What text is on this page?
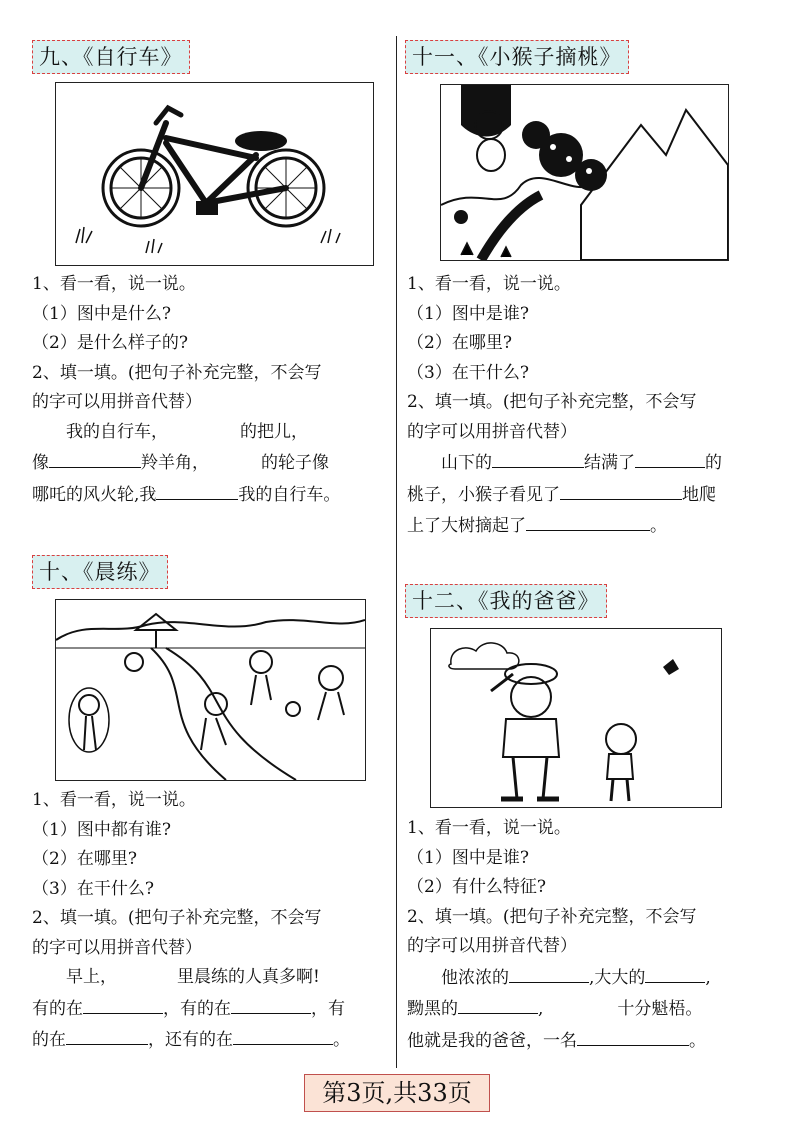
九、《自行车》

1、看一看，说一说。

（1）图中是什么?

（2）是什么样子的?

2、填一填。(把句子补充完整，不会写

的字可以用拼音代替）

我的自行车，	的把儿，

像	羚羊角，	的轮子像

哪吒的风火轮,我	我的自行车。

十一、《小猴子摘桃》

1、看一看，说一说。

（1）图中是谁?

（2）在哪里?

（3）在干什么?

2、填一填。(把句子补充完整，不会写

的字可以用拼音代替）

山下的	结满了	的

桃子，小猴子看见了	地爬

上了大树摘起了	。

十、《晨练》

1、看一看，说一说。

（1）图中都有谁?

（2）在哪里?

（3）在干什么?

2、填一填。(把句子补充完整，不会写

的字可以用拼音代替）

早上，	里晨练的人真多啊!

有的在	，有的在	，有

的在	，还有的在	。

十二、《我的爸爸》

1、看一看，说一说。

（1）图中是谁?

（2）有什么特征?

2、填一填。(把句子补充完整，不会写

的字可以用拼音代替）

他浓浓的	,大大的	,

黝黑的	,	十分魁梧。

他就是我的爸爸，一名	。

第3页,共33页
